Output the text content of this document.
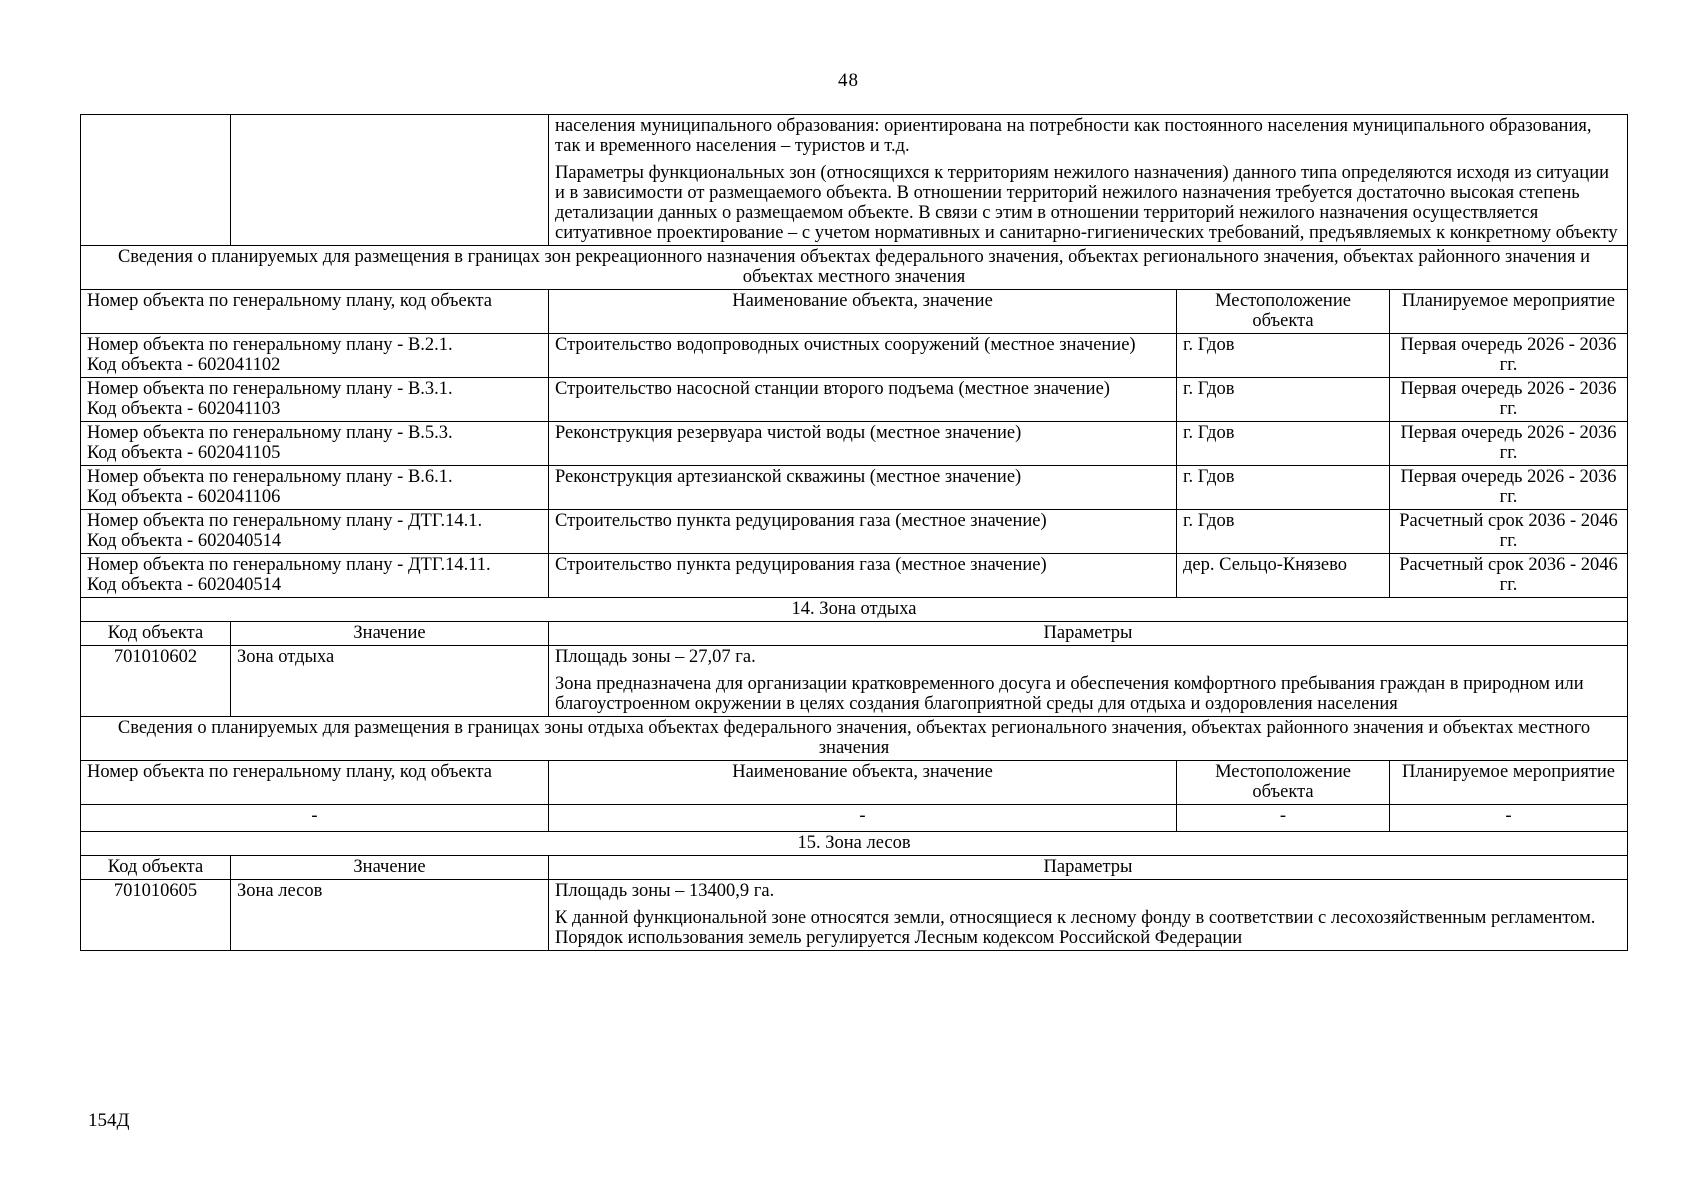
48

		населения муниципального образования: ориентирована на потребности как постоянного населения муниципального образования, так и временного населения – туристов и т.д.

Параметры функциональных зон (относящихся к территориям нежилого назначения) данного типа определяются исходя из ситуации и в зависимости от размещаемого объекта. В отношении территорий нежилого назначения требуется достаточно высокая степень детализации данных о размещаемом объекте. В связи с этим в отношении территорий нежилого назначения осуществляется ситуативное проектирование – с учетом нормативных и санитарно-гигиенических требований, предъявляемых к конкретному объекту		

Сведения о планируемых для размещения в границах зон рекреационного назначения объектах федерального значения, объектах регионального значения, объектах районного значения и объектах местного значения				
Номер объекта по генеральному плану, код объекта		Наименование объекта, значение	Местоположение объекта	Планируемое мероприятие

Номер объекта по генеральному плану - В.2.1.
Код объекта - 602041102		Строительство водопроводных очистных сооружений (местное значение)	г. Гдов	Первая очередь 2026 - 2036 гг.

Номер объекта по генеральному плану - В.3.1.
Код объекта - 602041103		Строительство насосной станции второго подъема (местное значение)	г. Гдов	Первая очередь 2026 - 2036 гг.

Номер объекта по генеральному плану - В.5.3.
Код объекта - 602041105		Реконструкция резервуара чистой воды (местное значение)	г. Гдов	Первая очередь 2026 - 2036 гг.

Номер объекта по генеральному плану - В.6.1.
Код объекта - 602041106		Реконструкция артезианской скважины (местное значение)	г. Гдов	Первая очередь 2026 - 2036 гг.

Номер объекта по генеральному плану - ДТГ.14.1.
Код объекта - 602040514		Строительство пункта редуцирования газа (местное значение)	г. Гдов	Расчетный срок 2036 - 2046 гг.

Номер объекта по генеральному плану - ДТГ.14.11.
Код объекта - 602040514		Строительство пункта редуцирования газа (местное значение)	дер. Сельцо-Князево	Расчетный срок 2036 - 2046 гг.
14. Зона отдыха				
Код объекта	Значение	Параметры		
701010602	Зона отдыха	Площадь зоны – 27,07 га.

Зона предназначена для организации кратковременного досуга и обеспечения комфортного пребывания граждан в природном или благоустроенном окружении в целях создания благоприятной среды для отдыха и оздоровления населения		

Сведения о планируемых для размещения в границах зоны отдыха объектах федерального значения, объектах регионального значения, объектах районного значения и объектах местного значения				
Номер объекта по генеральному плану, код объекта		Наименование объекта, значение	Местоположение объекта	Планируемое мероприятие
-		-	-	-
15. Зона лесов				
Код объекта	Значение	Параметры		
701010605	Зона лесов	Площадь зоны – 13400,9 га.

К данной функциональной зоне относятся земли, относящиеся к лесному фонду в соответствии с лесохозяйственным регламентом. Порядок использования земель регулируется Лесным кодексом Российской Федерации		

154Д
